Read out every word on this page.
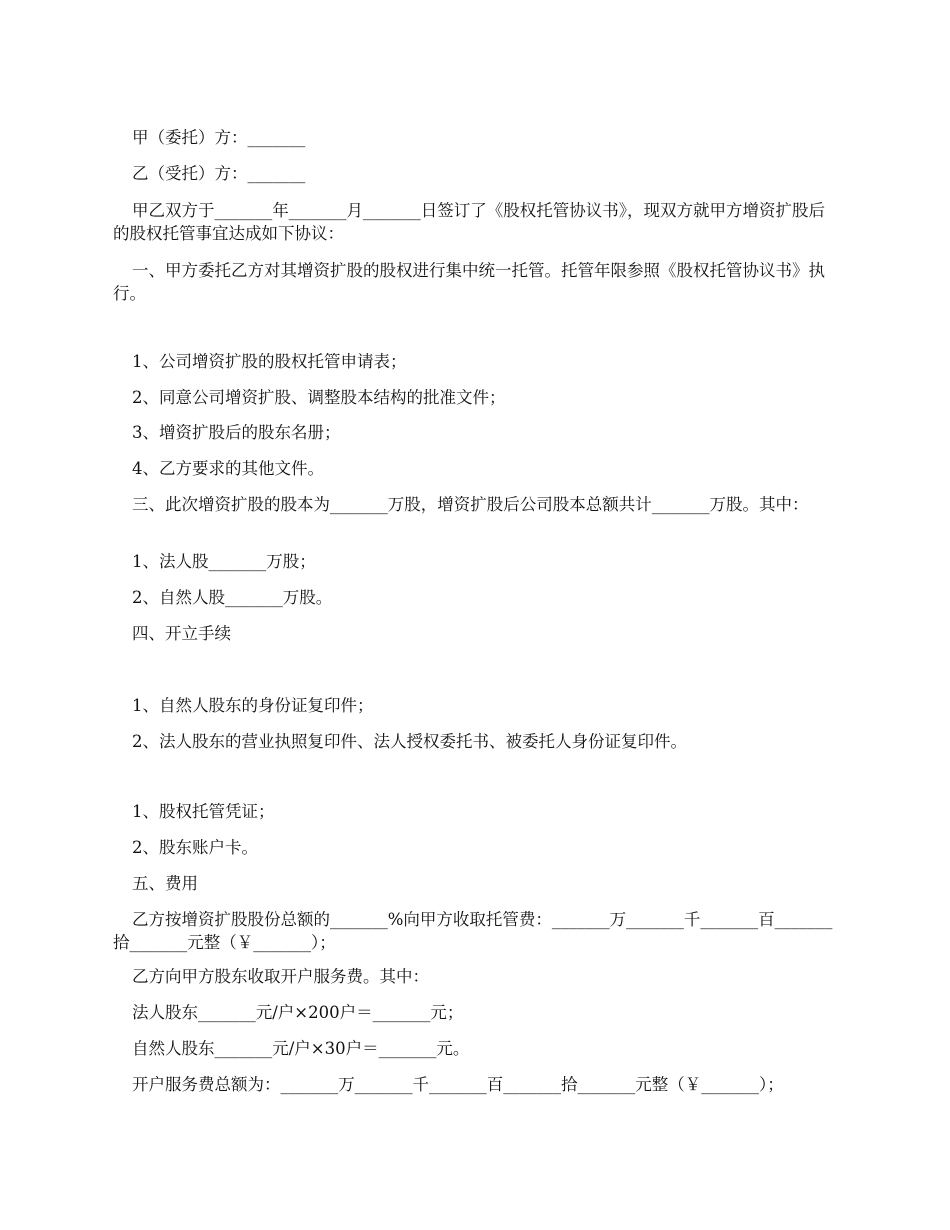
甲（委托）方：_______
乙（受托）方：_______
甲乙双方于_______年_______月_______日签订了《股权托管协议书》，现双方就甲方增资扩股后的股权托管事宜达成如下协议：
一、甲方委托乙方对其增资扩股的股权进行集中统一托管。托管年限参照《股权托管协议书》执行。
1、公司增资扩股的股权托管申请表；
2、同意公司增资扩股、调整股本结构的批准文件；
3、增资扩股后的股东名册；
4、乙方要求的其他文件。
三、此次增资扩股的股本为_______万股，增资扩股后公司股本总额共计_______万股。其中：
1、法人股_______万股；
2、自然人股_______万股。
四、开立手续
1、自然人股东的身份证复印件；
2、法人股东的营业执照复印件、法人授权委托书、被委托人身份证复印件。
1、股权托管凭证；
2、股东账户卡。
五、费用
乙方按增资扩股股份总额的_______%向甲方收取托管费：_______万_______千_______百_______拾_______元整（￥_______）；
乙方向甲方股东收取开户服务费。其中：
法人股东_______元/户×200户＝_______元；
自然人股东_______元/户×30户＝_______元。
开户服务费总额为：_______万_______千_______百_______拾_______元整（￥_______）；
